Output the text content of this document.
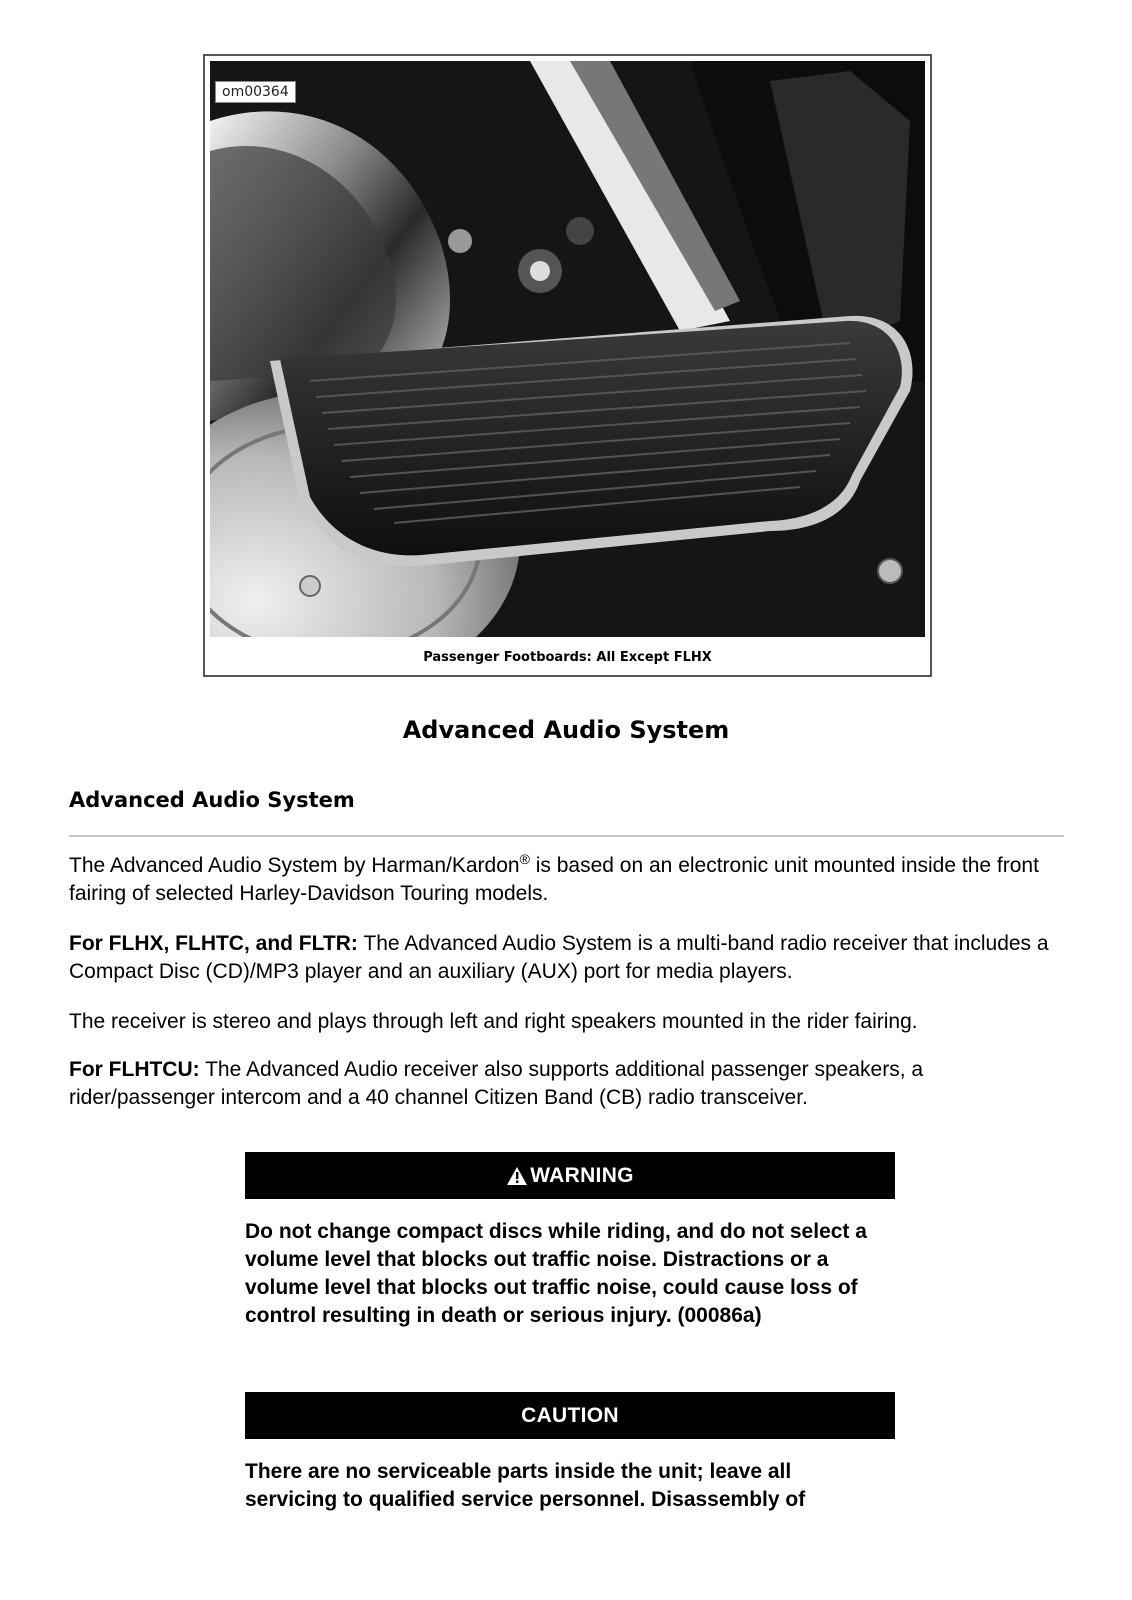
om00364
Passenger Footboards: All Except FLHX
Advanced Audio System
Advanced Audio System

The Advanced Audio System by Harman/Kardon® is based on an electronic unit mounted inside the front fairing of selected Harley-Davidson Touring models.

For FLHX, FLHTC, and FLTR: The Advanced Audio System is a multi-band radio receiver that includes a Compact Disc (CD)/MP3 player and an auxiliary (AUX) port for media players.

The receiver is stereo and plays through left and right speakers mounted in the rider fairing.

For FLHTCU: The Advanced Audio receiver also supports additional passenger speakers, a rider/passenger intercom and a 40 channel Citizen Band (CB) radio transceiver.

WARNING

Do not change compact discs while riding, and do not select a volume level that blocks out traffic noise. Distractions or a volume level that blocks out traffic noise, could cause loss of control resulting in death or serious injury. (00086a)

CAUTION

There are no serviceable parts inside the unit; leave all servicing to qualified service personnel. Disassembly of
